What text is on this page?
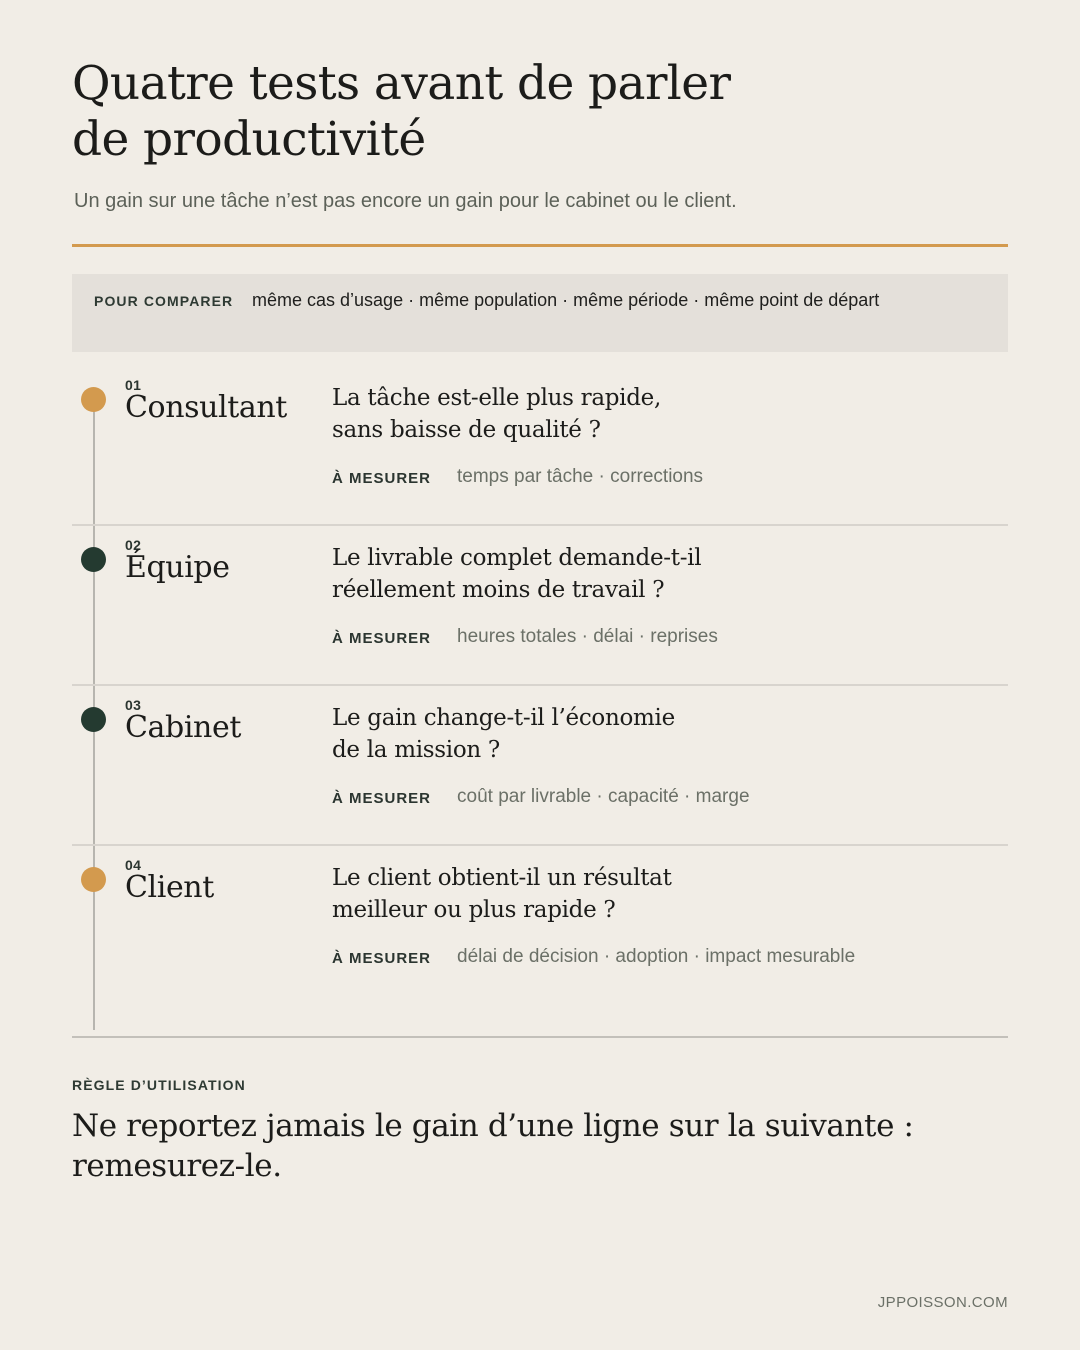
Quatre tests avant de parler
de productivité

Un gain sur une tâche n’est pas encore un gain pour le cabinet ou le client.

POUR COMPARER même cas d’usage · même population · même période · même point de départ
01
Consultant La tâche est-elle plus rapide,
sans baisse de qualité ?
À MESURER temps par tâche · corrections
02
Équipe	Le livrable complet demande-t-il
réellement moins de travail ?
À MESURER heures totales · délai · reprises
03
Cabinet	Le gain change-t-il l’économie
de la mission ?
À MESURER coût par livrable · capacité · marge
04
Client	Le client obtient-il un résultat
meilleur ou plus rapide ?
À MESURER délai de décision · adoption · impact mesurable
RÈGLE D’UTILISATION

Ne reportez jamais le gain d’une ligne sur la suivante : remesurez-le.

JPPOISSON.COM
